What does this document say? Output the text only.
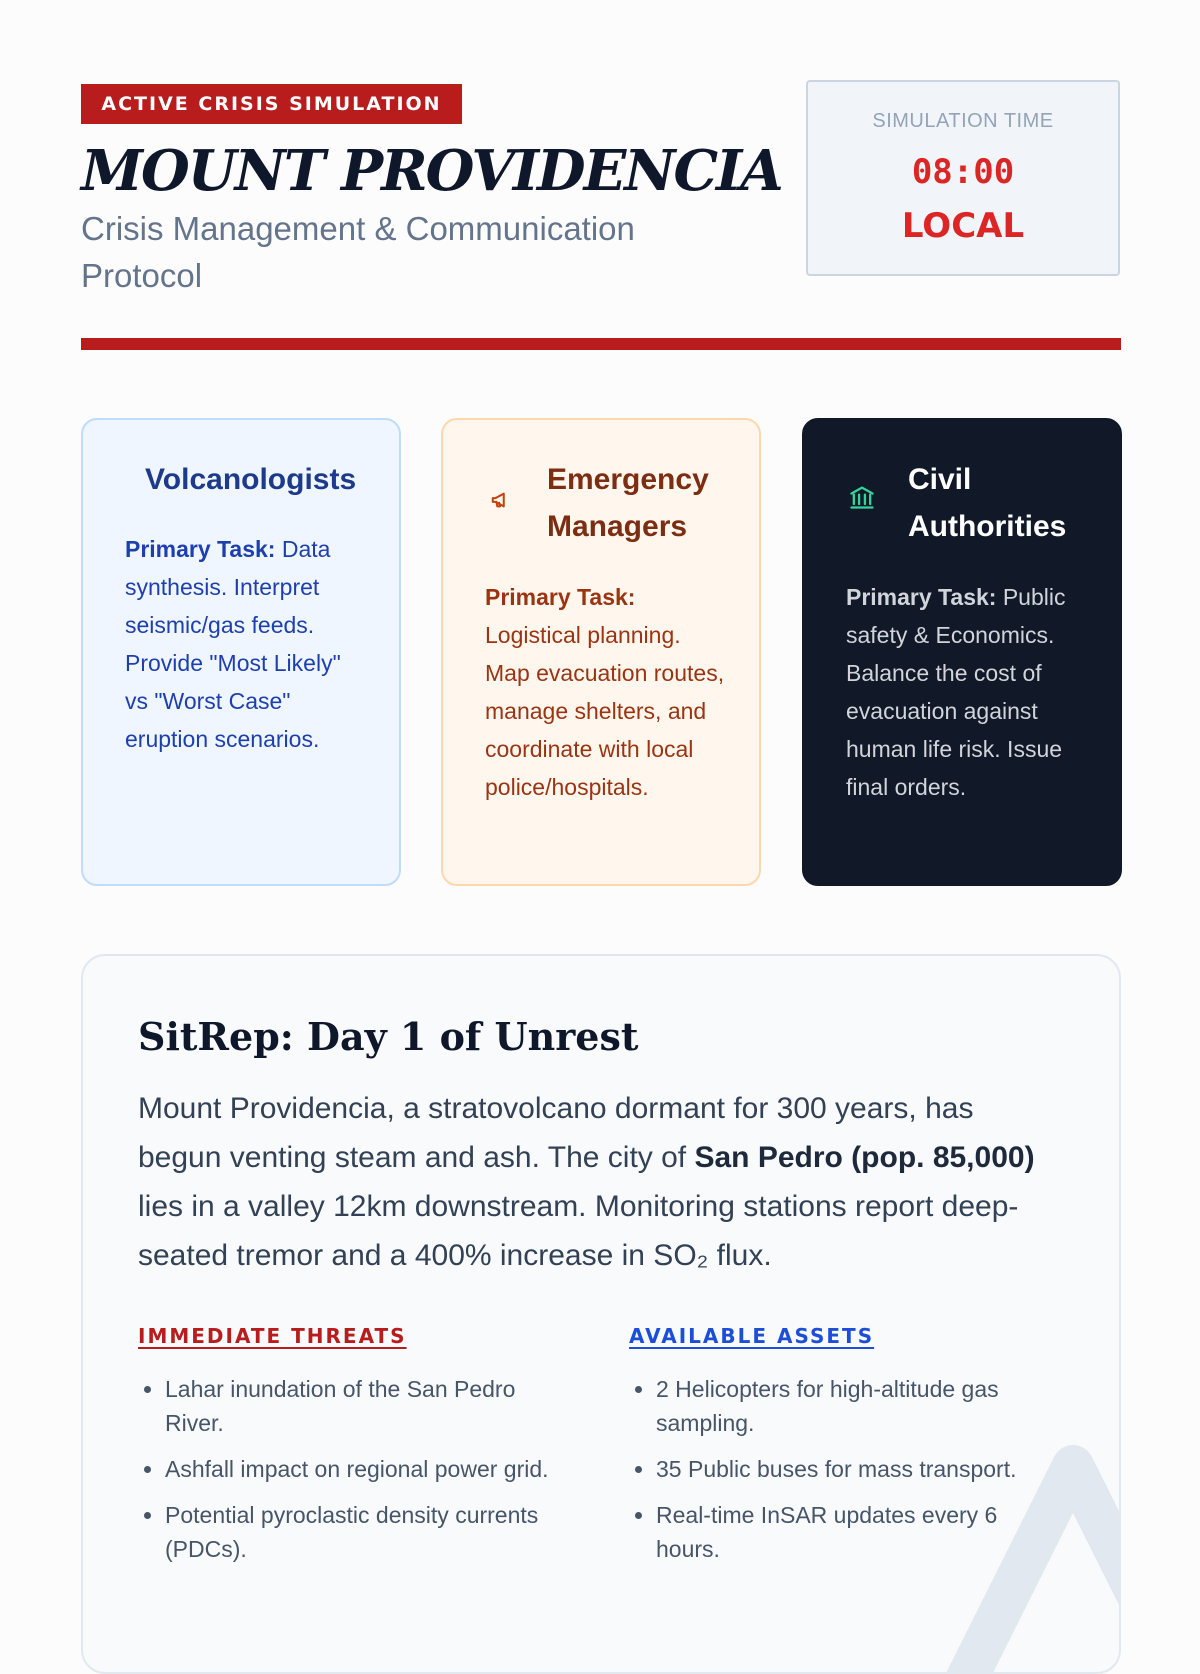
ACTIVE CRISIS SIMULATION
MOUNT PROVIDENCIA
Crisis Management & Communication Protocol
SIMULATION TIME
08:00
LOCAL
Volcanologists
Primary Task: Data synthesis. Interpret seismic/gas feeds. Provide "Most Likely" vs "Worst Case" eruption scenarios.
Emergency Managers
Primary Task: Logistical planning. Map evacuation routes, manage shelters, and coordinate with local police/hospitals.
Civil Authorities
Primary Task: Public safety & Economics. Balance the cost of evacuation against human life risk. Issue final orders.
SitRep: Day 1 of Unrest
Mount Providencia, a stratovolcano dormant for 300 years, has begun venting steam and ash. The city of San Pedro (pop. 85,000) lies in a valley 12km downstream. Monitoring stations report deep-seated tremor and a 400% increase in SO₂ flux.
IMMEDIATE THREATS
• Lahar inundation of the San Pedro River.
• Ashfall impact on regional power grid.
• Potential pyroclastic density currents (PDCs).
AVAILABLE ASSETS
• 2 Helicopters for high-altitude gas sampling.
• 35 Public buses for mass transport.
• Real-time InSAR updates every 6 hours.
